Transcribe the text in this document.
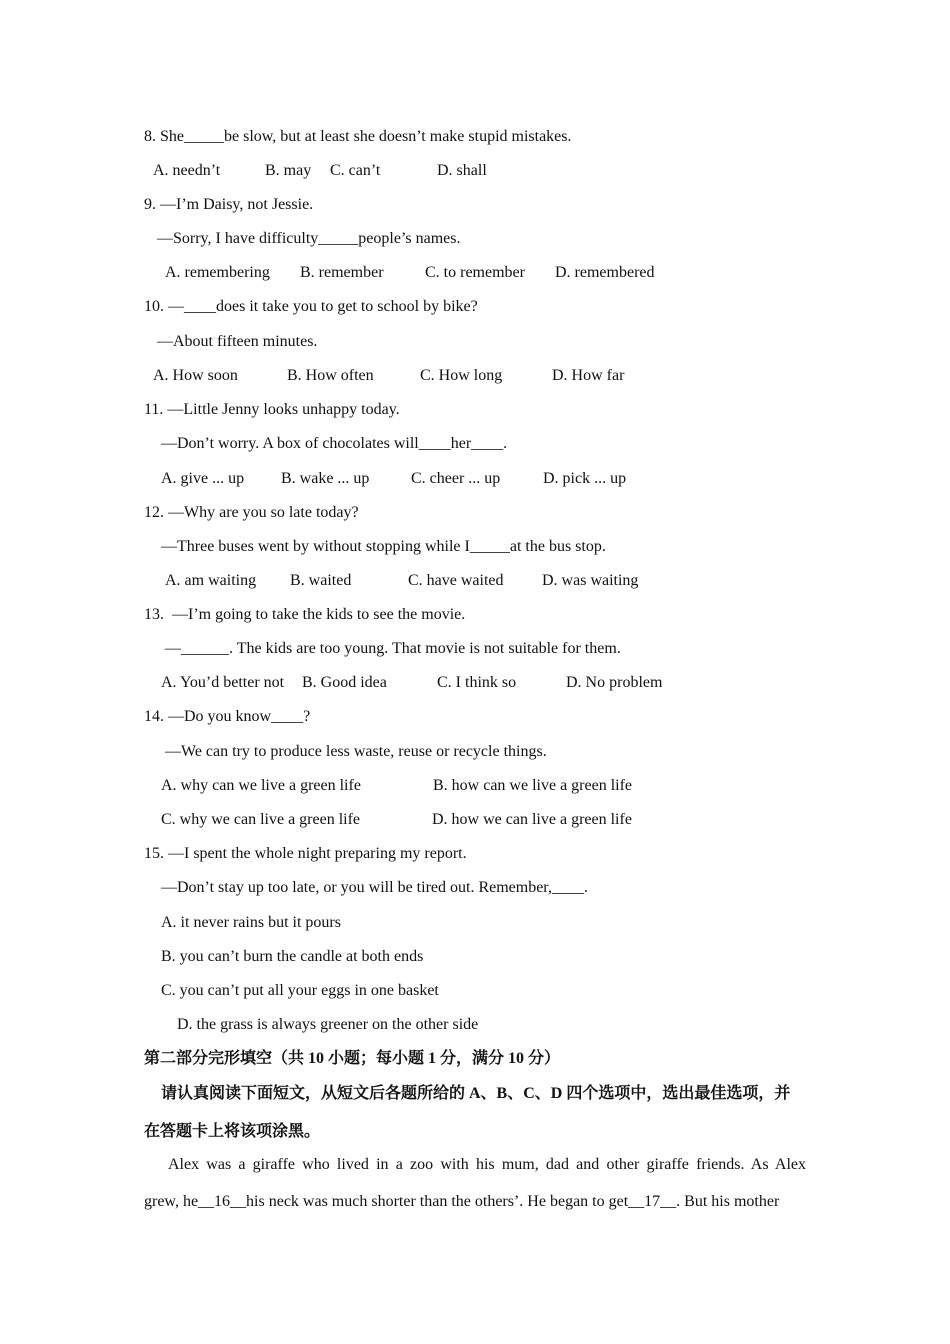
8. She_____be slow, but at least she doesn’t make stupid mistakes.
A. needn’t	B. may C. can’t	D. shall
9. —I’m Daisy, not Jessie.
—Sorry, I have difficulty_____people’s names.
A. remembering B. remember	C. to remember D. remembered
10. —____does it take you to get to school by bike?
—About fifteen minutes.
A. How soon	B. How often	C. How long	D. How far
11. —Little Jenny looks unhappy today.
—Don’t worry. A box of chocolates will____her____.
A. give ... up B. wake ... up	C. cheer ... up	D. pick ... up
12. —Why are you so late today?
—Three buses went by without stopping while I_____at the bus stop.
A. am waiting B. waited	C. have waited D. was waiting
13.  —I’m going to take the kids to see the movie.
—______. The kids are too young. That movie is not suitable for them.
A. You’d better not B. Good idea	C. I think so	D. No problem
14. —Do you know____?
—We can try to produce less waste, reuse or recycle things.
A. why can we live a green life	B. how can we live a green life
C. why we can live a green life	D. how we can live a green life
15. —I spent the whole night preparing my report.
—Don’t stay up too late, or you will be tired out. Remember,____.
A. it never rains but it pours
B. you can’t burn the candle at both ends
C. you can’t put all your eggs in one basket
D. the grass is always greener on the other side
第二部分完形填空（共 10 小题；每小题 1 分，满分 10 分）
请认真阅读下面短文，从短文后各题所给的 A、B、C、D 四个选项中，选出最佳选项，并
在答题卡上将该项涂黑。
Alex was a giraffe who lived in a zoo with his mum, dad and other giraffe friends. As Alex
grew, he__16__his neck was much shorter than the others’. He began to get__17__. But his mother
